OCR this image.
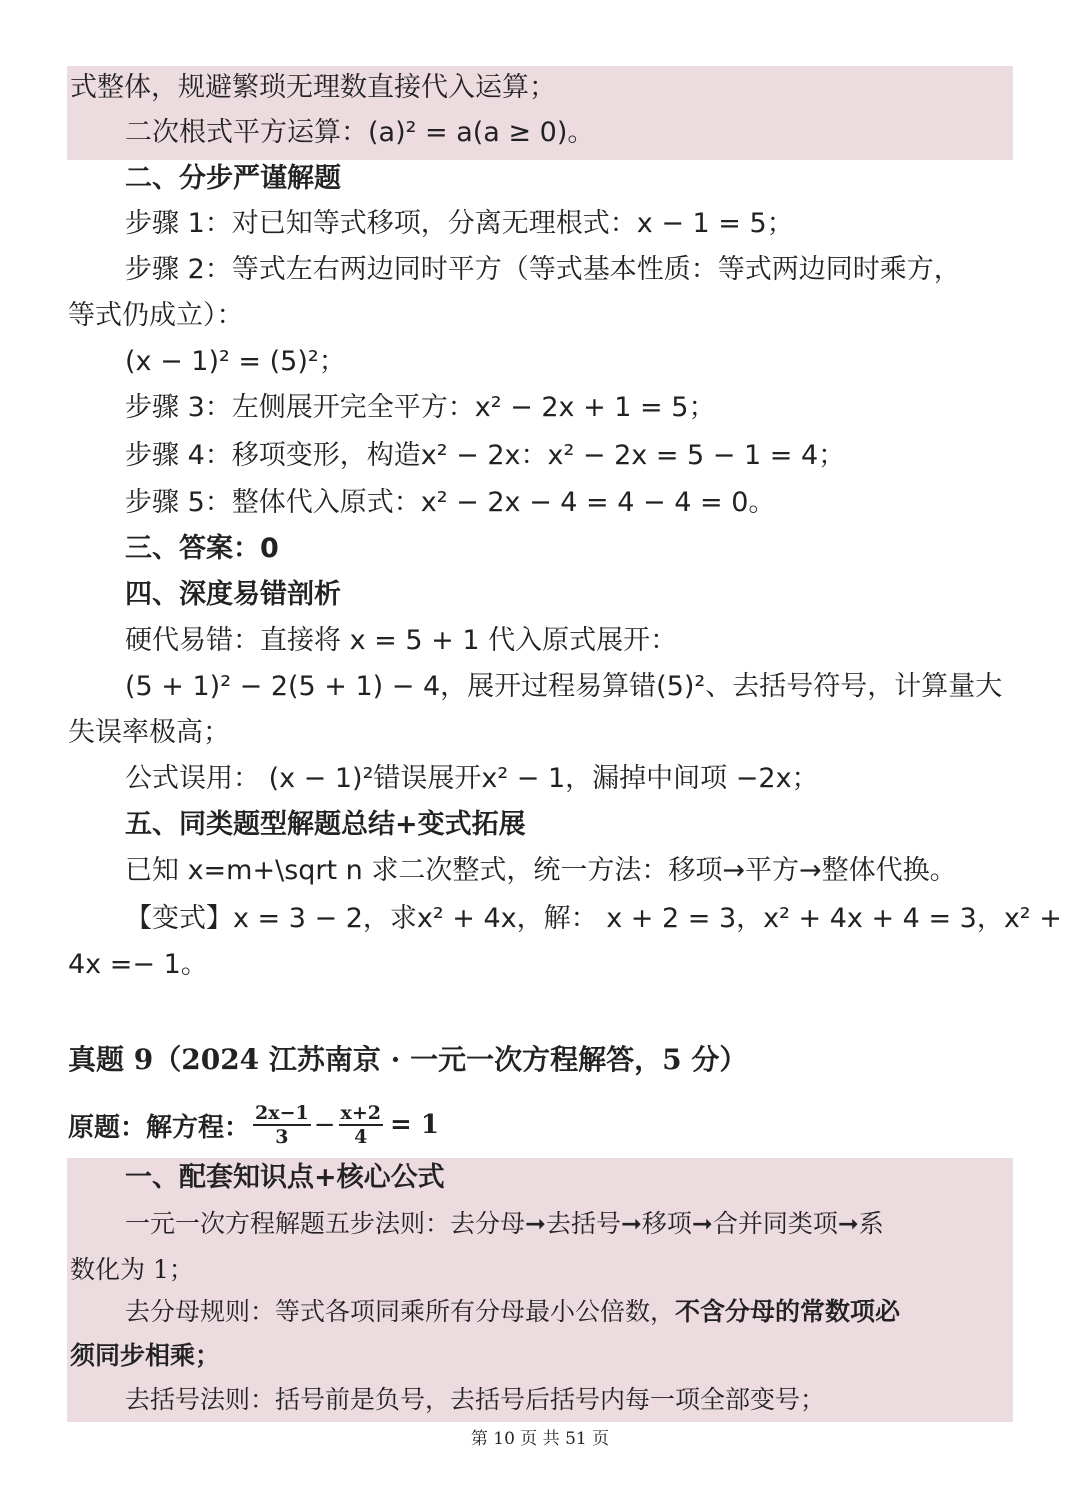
式整体，规避繁琐无理数直接代入运算；
二次根式平方运算：(a)² = a(a ≥ 0)。
二、分步严谨解题
步骤 1：对已知等式移项，分离无理根式：x − 1 = 5；
步骤 2：等式左右两边同时平方（等式基本性质：等式两边同时乘方，
等式仍成立）：
(x − 1)² = (5)²；
步骤 3：左侧展开完全平方：x² − 2x + 1 = 5；
步骤 4：移项变形，构造x² − 2x：x² − 2x = 5 − 1 = 4；
步骤 5：整体代入原式：x² − 2x − 4 = 4 − 4 = 0。
三、答案：0
四、深度易错剖析
硬代易错：直接将 x = 5 + 1 代入原式展开：
(5 + 1)² − 2(5 + 1) − 4，展开过程易算错(5)²、去括号符号，计算量大
失误率极高；
公式误用： (x − 1)²错误展开x² − 1，漏掉中间项 −2x；
五、同类题型解题总结+变式拓展
已知 x=m+\sqrt n 求二次整式，统一方法：移项→平方→整体代换。
【变式】x = 3 − 2，求x² + 4x，解： x + 2 = 3，x² + 4x + 4 = 3，x² +
4x =− 1。
真题 9（2024 江苏南京 · 一元一次方程解答，5 分）
原题：解方程： $\frac{2x-1}{3} - \frac{x+2}{4} = 1$
一、配套知识点+核心公式
一元一次方程解题五步法则：去分母➞去括号➞移项➞合并同类项➞系
数化为 1；
去分母规则：等式各项同乘所有分母最小公倍数，不含分母的常数项必
须同步相乘；
去括号法则：括号前是负号，去括号后括号内每一项全部变号；
第 10 页 共 51 页
